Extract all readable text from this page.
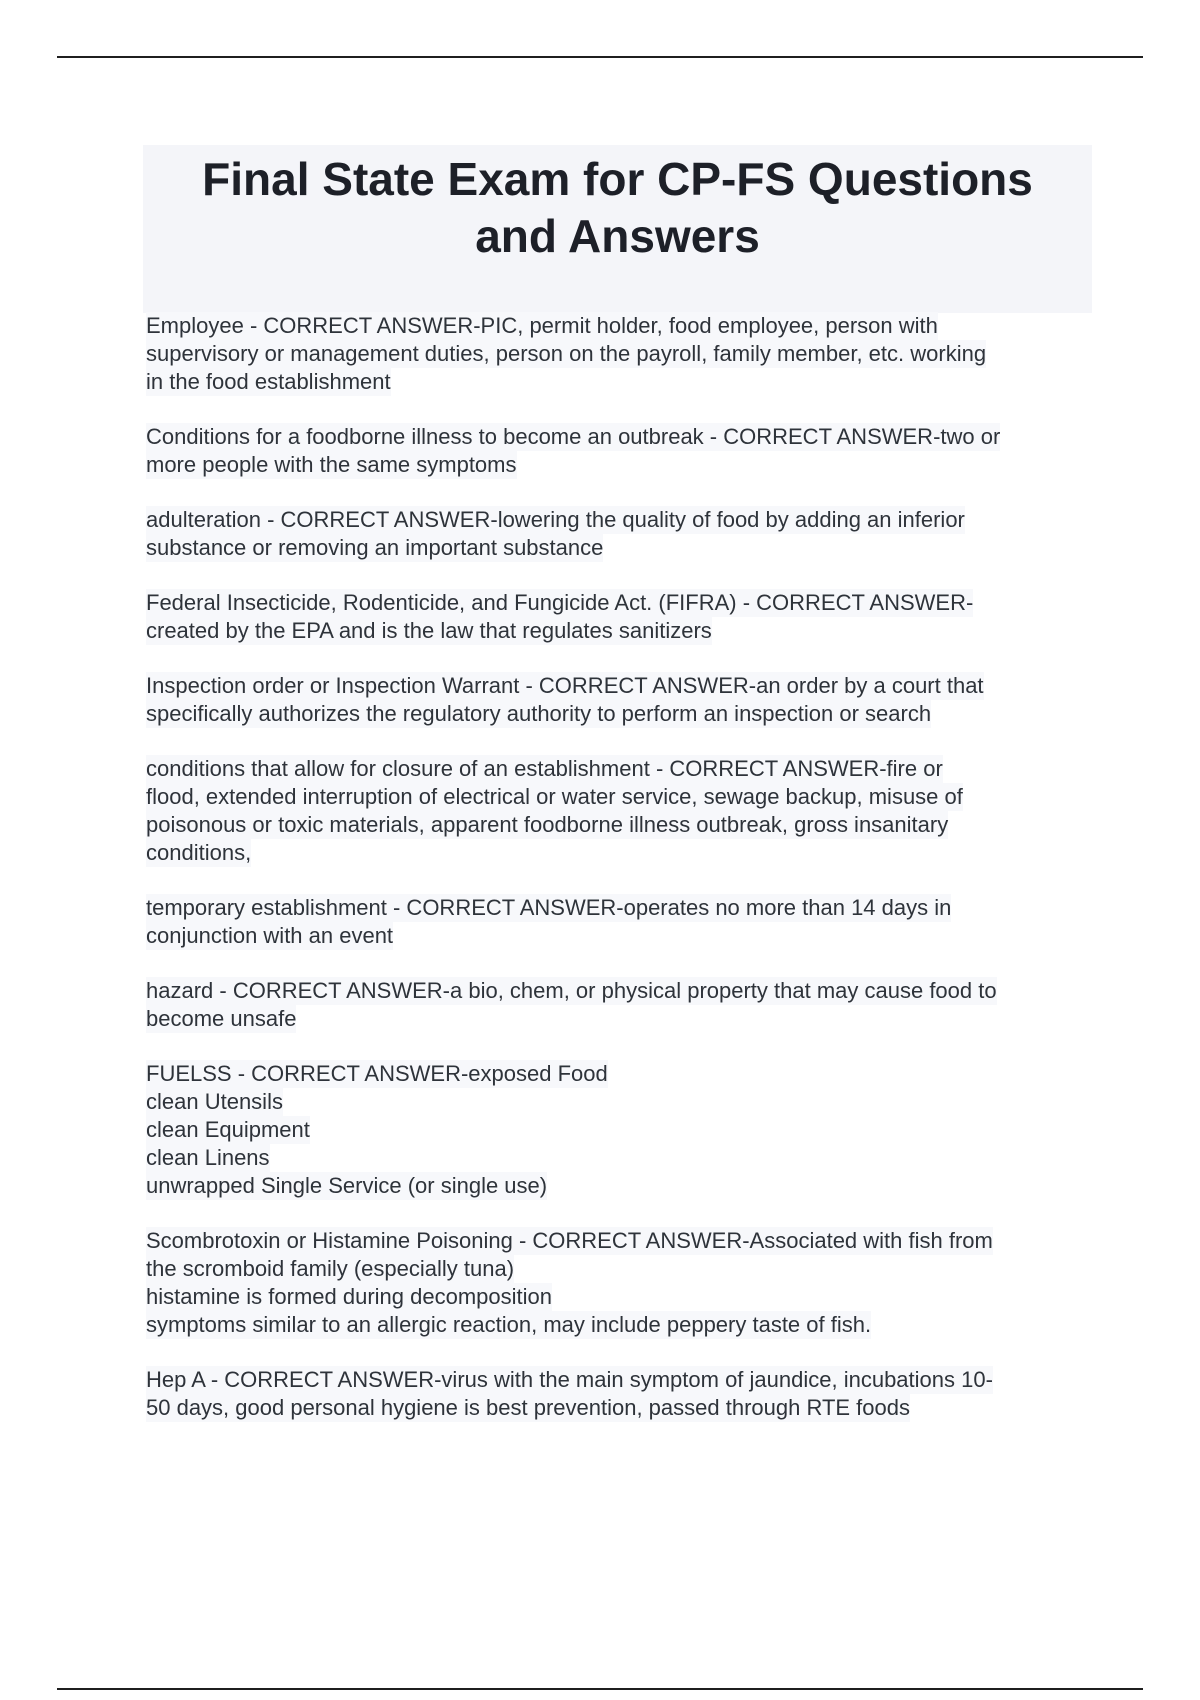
Final State Exam for CP-FS Questions
and Answers

Employee - CORRECT ANSWER-PIC, permit holder, food employee, person with
supervisory or management duties, person on the payroll, family member, etc. working
in the food establishment

Conditions for a foodborne illness to become an outbreak - CORRECT ANSWER-two or
more people with the same symptoms

adulteration - CORRECT ANSWER-lowering the quality of food by adding an inferior
substance or removing an important substance

Federal Insecticide, Rodenticide, and Fungicide Act. (FIFRA) - CORRECT ANSWER-
created by the EPA and is the law that regulates sanitizers

Inspection order or Inspection Warrant - CORRECT ANSWER-an order by a court that
specifically authorizes the regulatory authority to perform an inspection or search

conditions that allow for closure of an establishment - CORRECT ANSWER-fire or
flood, extended interruption of electrical or water service, sewage backup, misuse of
poisonous or toxic materials, apparent foodborne illness outbreak, gross insanitary
conditions,

temporary establishment - CORRECT ANSWER-operates no more than 14 days in
conjunction with an event

hazard - CORRECT ANSWER-a bio, chem, or physical property that may cause food to
become unsafe

FUELSS - CORRECT ANSWER-exposed Food
clean Utensils
clean Equipment
clean Linens
unwrapped Single Service (or single use)

Scombrotoxin or Histamine Poisoning - CORRECT ANSWER-Associated with fish from
the scromboid family (especially tuna)
histamine is formed during decomposition
symptoms similar to an allergic reaction, may include peppery taste of fish.

Hep A - CORRECT ANSWER-virus with the main symptom of jaundice, incubations 10-
50 days, good personal hygiene is best prevention, passed through RTE foods
